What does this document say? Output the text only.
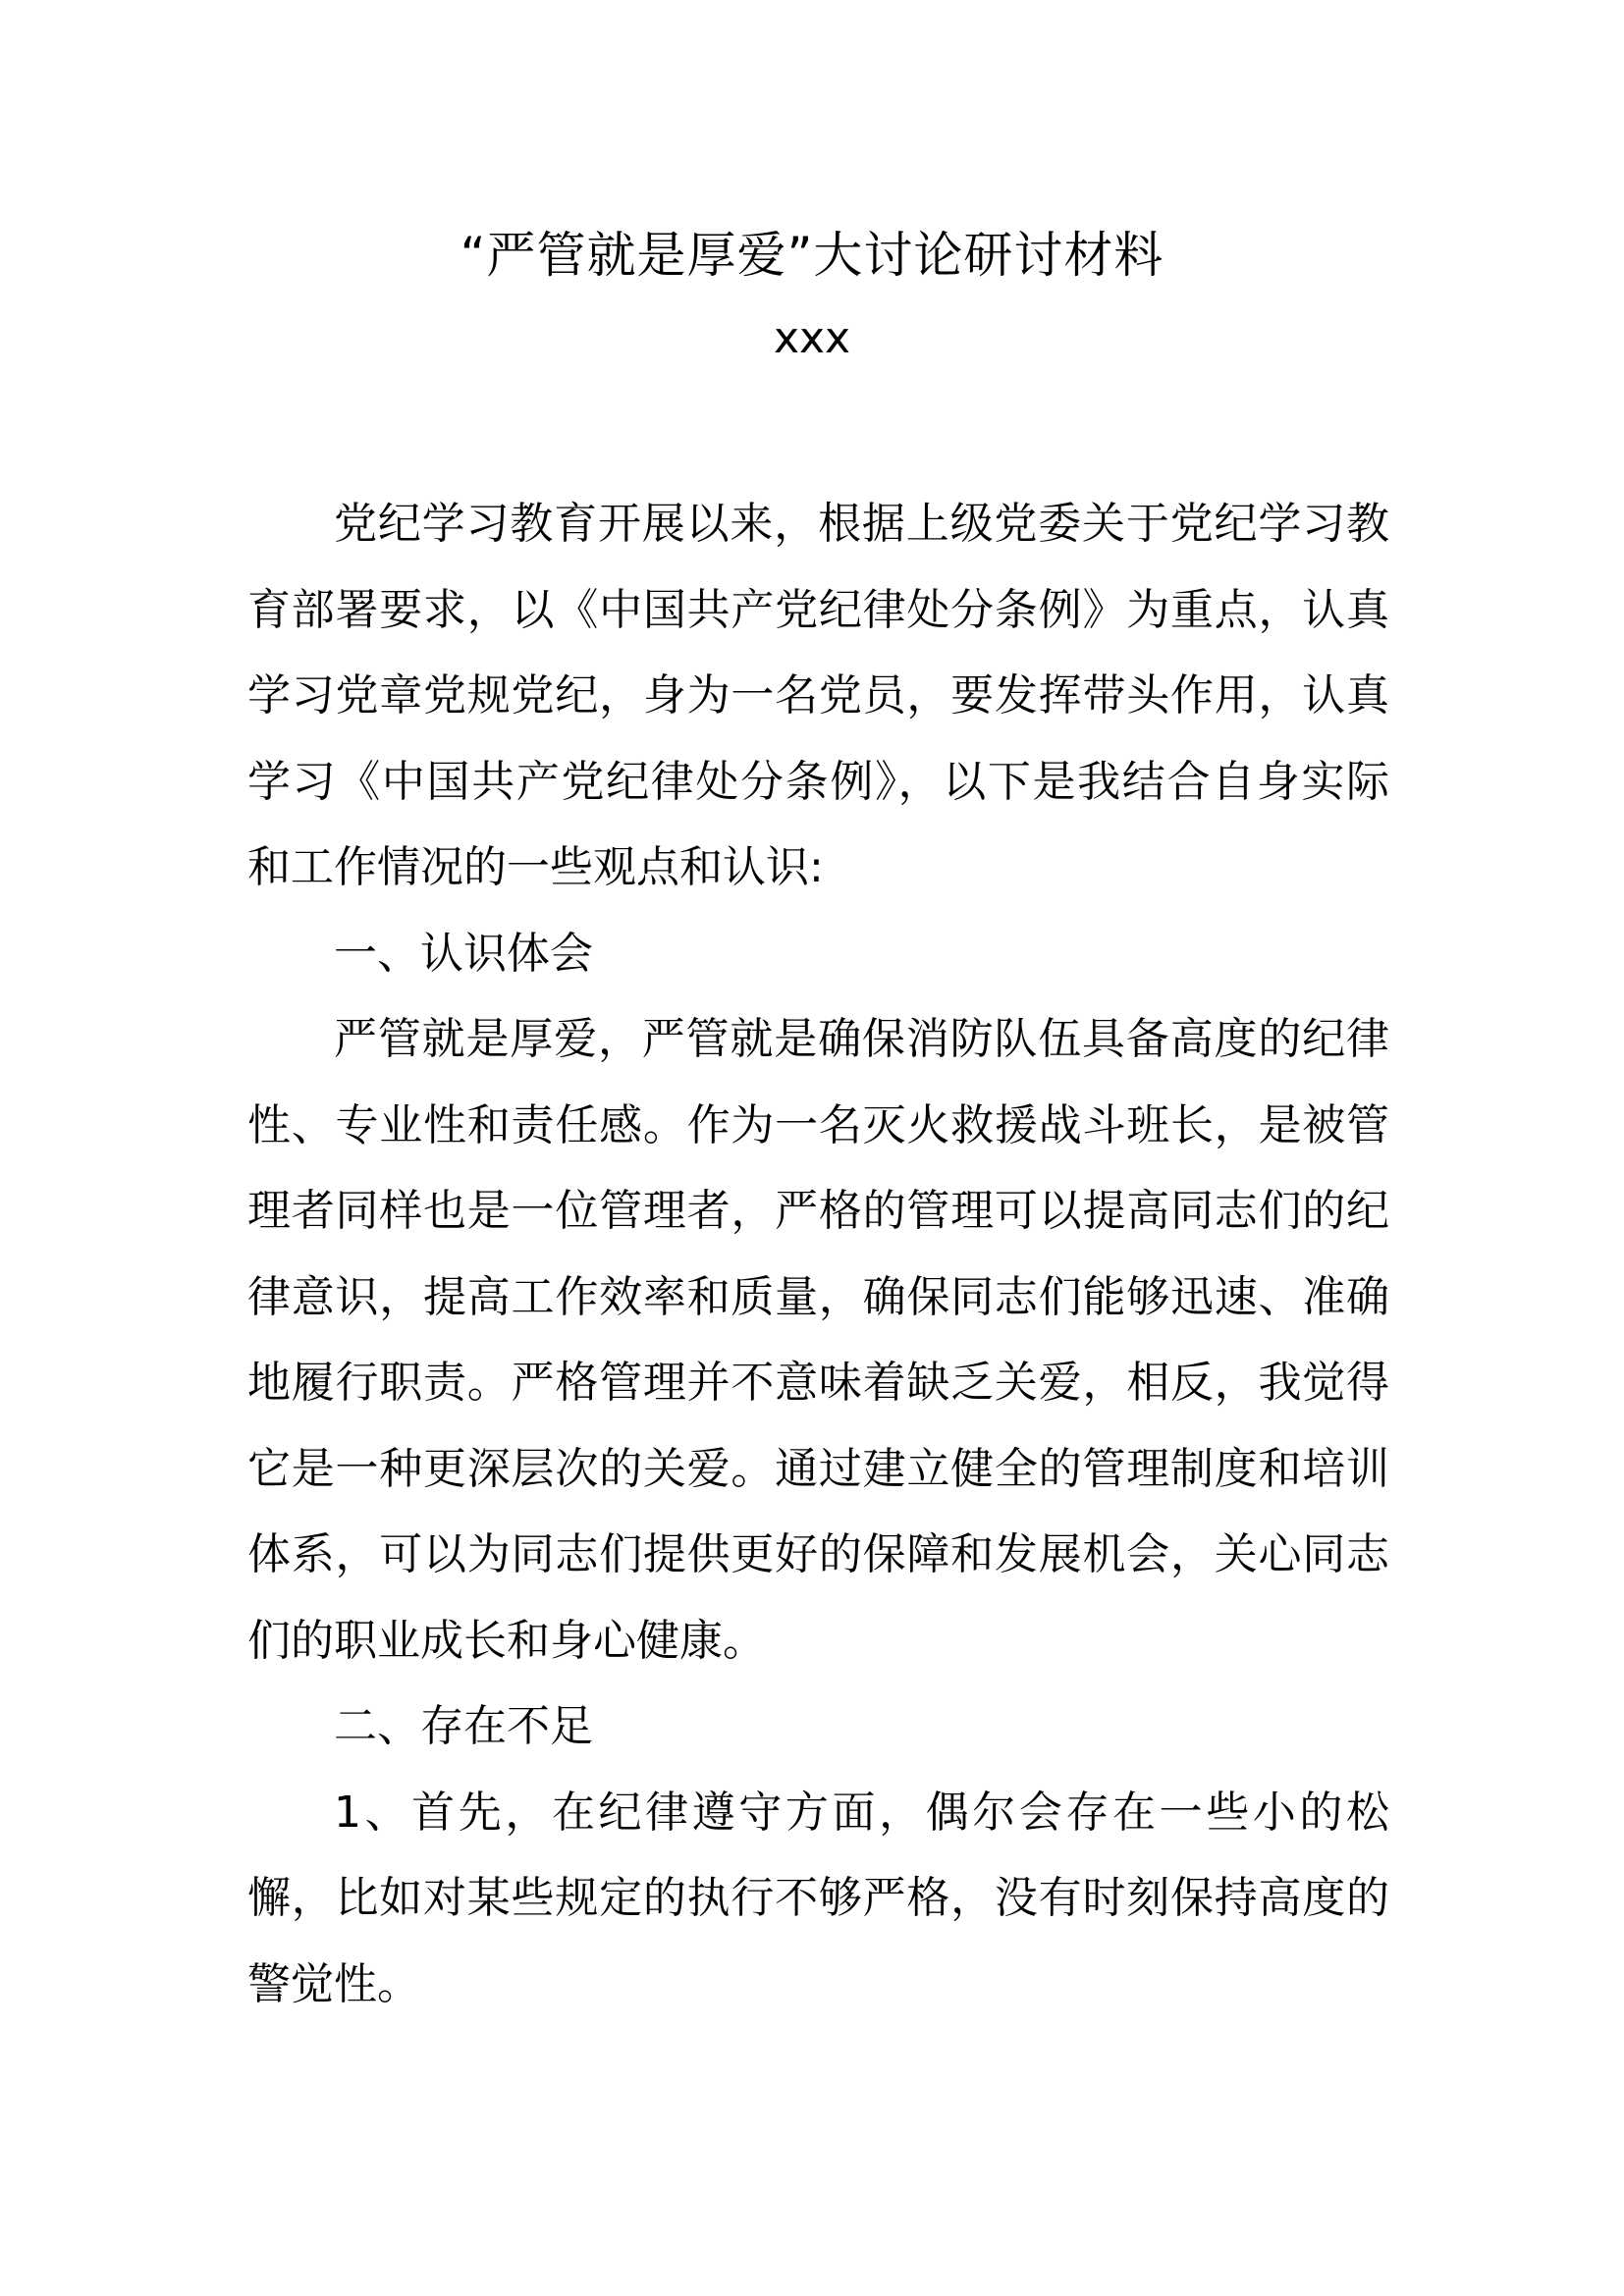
“严管就是厚爱”大讨论研讨材料
xxx

党纪学习教育开展以来，根据上级党委关于党纪学习教育部署要求，以《中国共产党纪律处分条例》为重点，认真学习党章党规党纪，身为一名党员，要发挥带头作用，认真学习《中国共产党纪律处分条例》，以下是我结合自身实际和工作情况的一些观点和认识:

一、认识体会

严管就是厚爱，严管就是确保消防队伍具备高度的纪律性、专业性和责任感。作为一名灭火救援战斗班长，是被管理者同样也是一位管理者，严格的管理可以提高同志们的纪律意识，提高工作效率和质量，确保同志们能够迅速、准确地履行职责。严格管理并不意味着缺乏关爱，相反，我觉得它是一种更深层次的关爱。通过建立健全的管理制度和培训体系，可以为同志们提供更好的保障和发展机会，关心同志们的职业成长和身心健康。

二、存在不足

1、首先，在纪律遵守方面，偶尔会存在一些小的松懈，比如对某些规定的执行不够严格，没有时刻保持高度的警觉性。
